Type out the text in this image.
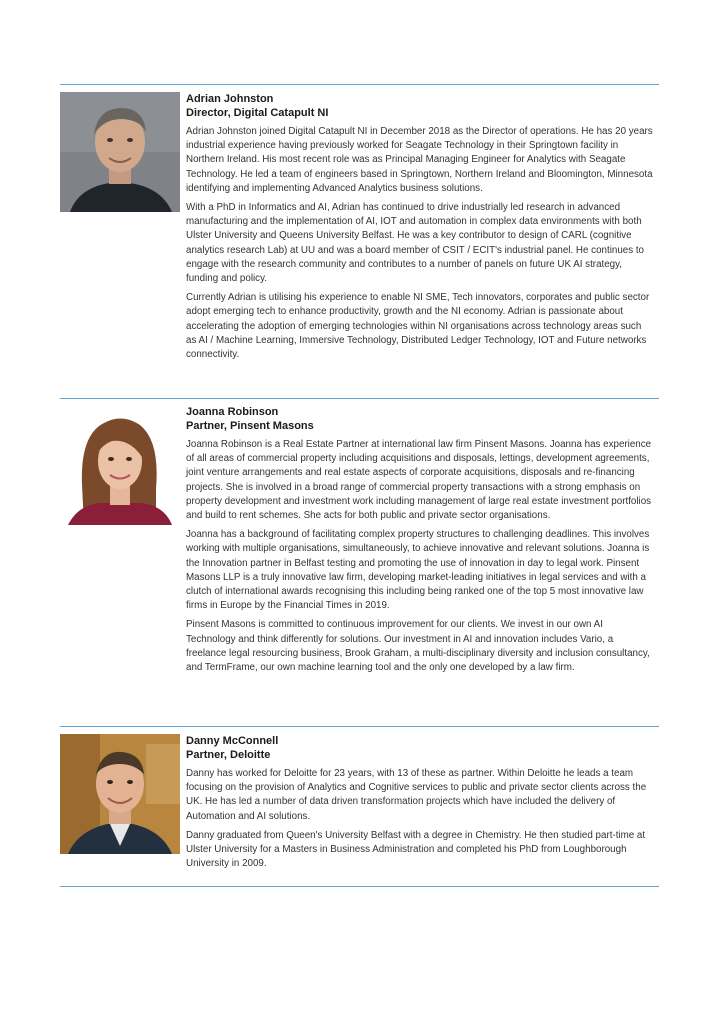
Adrian Johnston
Director, Digital Catapult NI

Adrian Johnston joined Digital Catapult NI in December 2018 as the Director of operations. He has 20 years industrial experience having previously worked for Seagate Technology in their Springtown facility in Northern Ireland. His most recent role was as Principal Managing Engineer for Analytics with Seagate Technology. He led a team of engineers based in Springtown, Northern Ireland and Bloomington, Minnesota identifying and implementing Advanced Analytics business solutions.

With a PhD in Informatics and AI, Adrian has continued to drive industrially led research in advanced manufacturing and the implementation of AI, IOT and automation in complex data environments with both Ulster University and Queens University Belfast. He was a key contributor to design of CARL (cognitive analytics research Lab) at UU and was a board member of CSIT / ECIT's industrial panel. He continues to engage with the research community and contributes to a number of panels on future UK AI strategy, funding and policy.

Currently Adrian is utilising his experience to enable NI SME, Tech innovators, corporates and public sector adopt emerging tech to enhance productivity, growth and the NI economy. Adrian is passionate about accelerating the adoption of emerging technologies within NI organisations across technology areas such as AI / Machine Learning, Immersive Technology, Distributed Ledger Technology, IOT and Future networks connectivity.

Joanna Robinson
Partner, Pinsent Masons

Joanna Robinson is a Real Estate Partner at international law firm Pinsent Masons. Joanna has experience of all areas of commercial property including acquisitions and disposals, lettings, development agreements, joint venture arrangements and real estate aspects of corporate acquisitions, disposals and re-financing projects. She is involved in a broad range of commercial property transactions with a strong emphasis on property development and investment work including management of large real estate investment portfolios and build to rent schemes. She acts for both public and private sector organisations.

Joanna has a background of facilitating complex property structures to challenging deadlines. This involves working with multiple organisations, simultaneously, to achieve innovative and relevant solutions. Joanna is the Innovation partner in Belfast testing and promoting the use of innovation in day to legal work. Pinsent Masons LLP is a truly innovative law firm, developing market-leading initiatives in legal services and with a clutch of international awards recognising this including being ranked one of the top 5 most innovative law firms in Europe by the Financial Times in 2019.

Pinsent Masons is committed to continuous improvement for our clients. We invest in our own AI Technology and think differently for solutions. Our investment in AI and innovation includes Vario, a freelance legal resourcing business, Brook Graham, a multi-disciplinary diversity and inclusion consultancy, and TermFrame, our own machine learning tool and the only one developed by a law firm.

Danny McConnell
Partner, Deloitte

Danny has worked for Deloitte for 23 years, with 13 of these as partner. Within Deloitte he leads a team focusing on the provision of Analytics and Cognitive services to public and private sector clients across the UK. He has led a number of data driven transformation projects which have included the delivery of Automation and AI solutions.

Danny graduated from Queen's University Belfast with a degree in Chemistry. He then studied part-time at Ulster University for a Masters in Business Administration and completed his PhD from Loughborough University in 2009.
